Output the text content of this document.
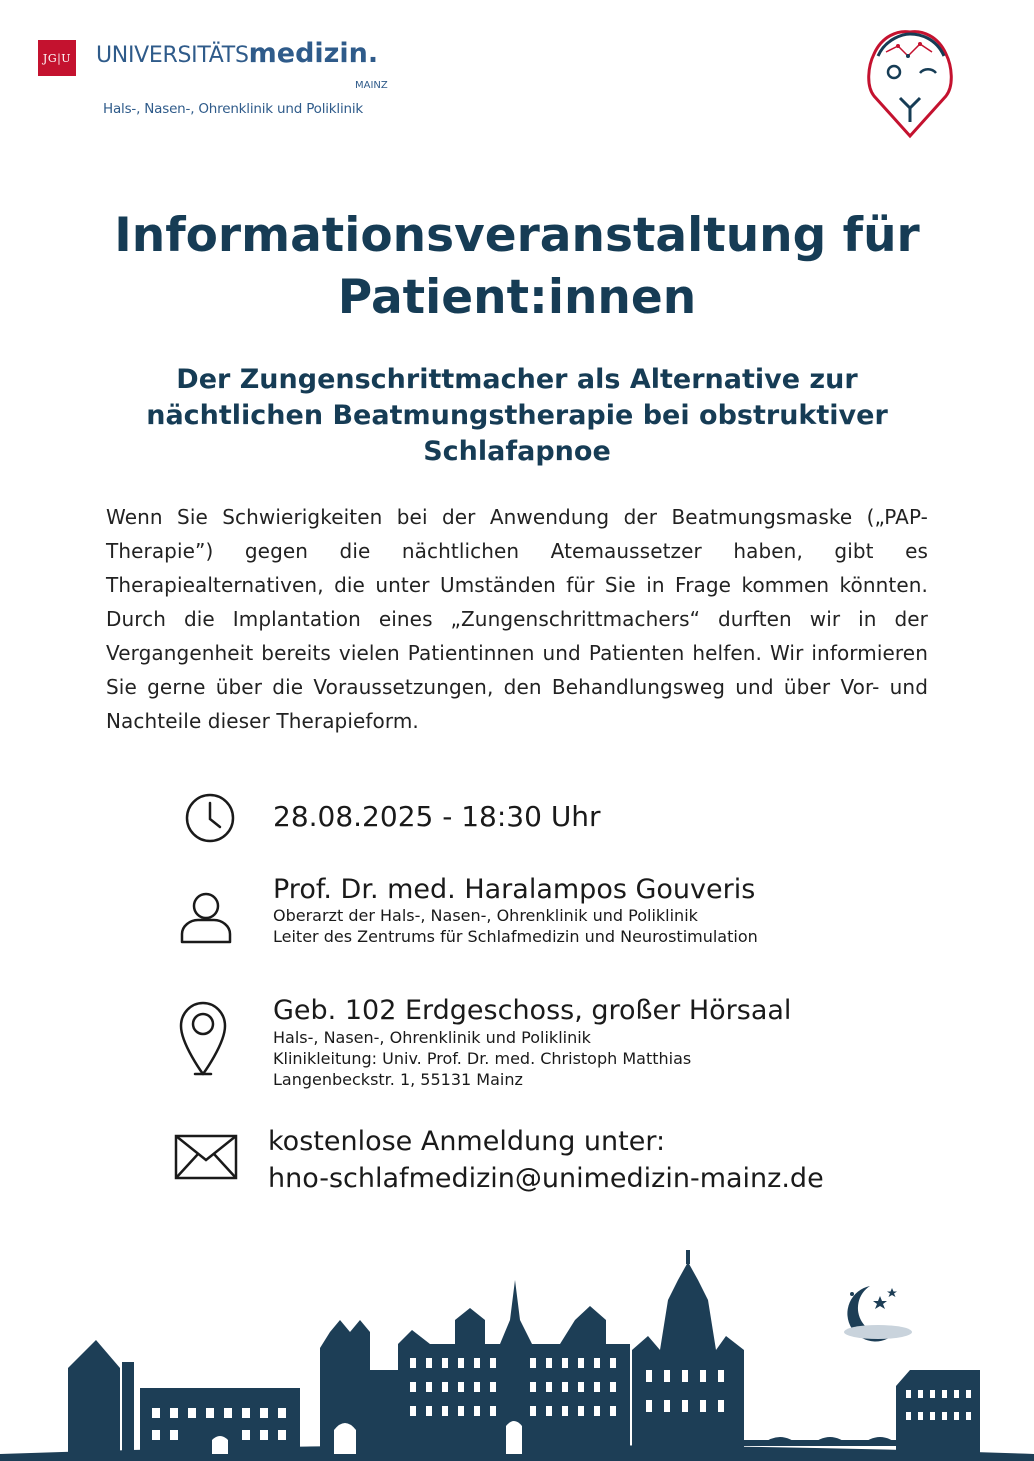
JG|U UNIVERSITÄTSmedizin.
MAINZ
Hals-, Nasen-, Ohrenklinik und Poliklinik
Informationsveranstaltung für
Patient:innen
Der Zungenschrittmacher als Alternative zur nächtlichen Beatmungstherapie bei obstruktiver Schlafapnoe
Wenn Sie Schwierigkeiten bei der Anwendung der Beatmungsmaske („PAP-Therapie”) gegen die nächtlichen Atemaussetzer haben, gibt es Therapiealternativen, die unter Umständen für Sie in Frage kommen könnten. Durch die Implantation eines „Zungenschrittmachers“ durften wir in der Vergangenheit bereits vielen Patientinnen und Patienten helfen. Wir informieren Sie gerne über die Voraussetzungen, den Behandlungsweg und über Vor- und Nachteile dieser Therapieform.
28.08.2025 - 18:30 Uhr
Prof. Dr. med. Haralampos Gouveris
Oberarzt der Hals-, Nasen-, Ohrenklinik und Poliklinik
Leiter des Zentrums für Schlafmedizin und Neurostimulation
Geb. 102 Erdgeschoss, großer Hörsaal
Hals-, Nasen-, Ohrenklinik und Poliklinik
Klinikleitung: Univ. Prof. Dr. med. Christoph Matthias
Langenbeckstr. 1, 55131 Mainz
kostenlose Anmeldung unter:
hno-schlafmedizin@unimedizin-mainz.de
